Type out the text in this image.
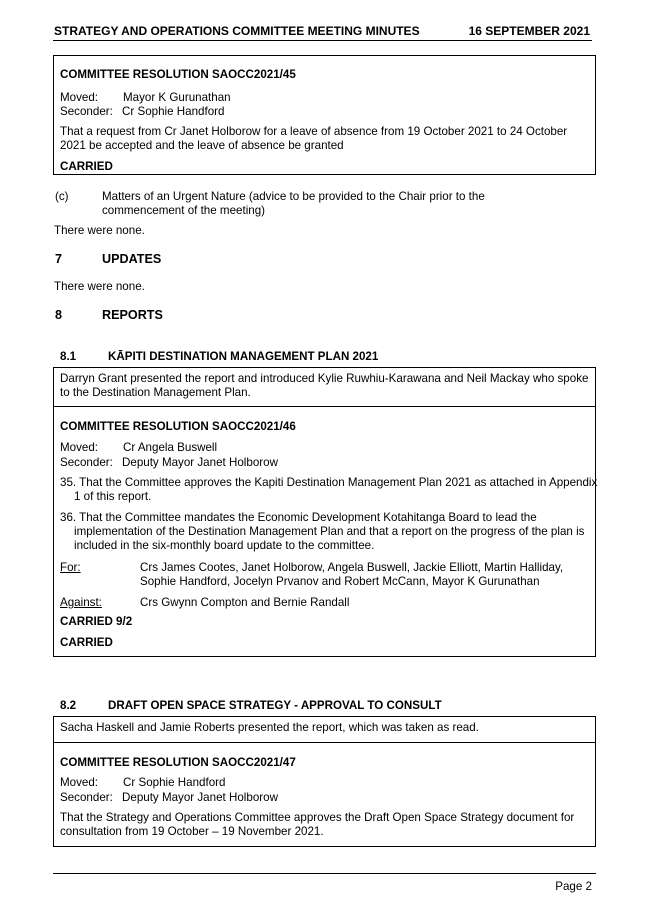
STRATEGY AND OPERATIONS COMMITTEE MEETING MINUTES	16 SEPTEMBER 2021
COMMITTEE RESOLUTION SAOCC2021/45
Moved: Mayor K Gurunathan
Seconder: Cr Sophie Handford
That a request from Cr Janet Holborow for a leave of absence from 19 October 2021 to 24 October 2021 be accepted and the leave of absence be granted
CARRIED
(c)	Matters of an Urgent Nature (advice to be provided to the Chair prior to the commencement of the meeting)
There were none.
7	UPDATES
There were none.
8	REPORTS
8.1	KĀPITI DESTINATION MANAGEMENT PLAN 2021
Darryn Grant presented the report and introduced Kylie Ruwhiu-Karawana and Neil Mackay who spoke to the Destination Management Plan.
COMMITTEE RESOLUTION SAOCC2021/46
Moved: Cr Angela Buswell
Seconder: Deputy Mayor Janet Holborow
35. That the Committee approves the Kapiti Destination Management Plan 2021 as attached in Appendix 1 of this report.
36. That the Committee mandates the Economic Development Kotahitanga Board to lead the implementation of the Destination Management Plan and that a report on the progress of the plan is included in the six-monthly board update to the committee.
For:	Crs James Cootes, Janet Holborow, Angela Buswell, Jackie Elliott, Martin Halliday, Sophie Handford, Jocelyn Prvanov and Robert McCann, Mayor K Gurunathan
Against:	Crs Gwynn Compton and Bernie Randall
CARRIED 9/2
CARRIED
8.2	DRAFT OPEN SPACE STRATEGY - APPROVAL TO CONSULT
Sacha Haskell and Jamie Roberts presented the report, which was taken as read.
COMMITTEE RESOLUTION SAOCC2021/47
Moved: Cr Sophie Handford
Seconder: Deputy Mayor Janet Holborow
That the Strategy and Operations Committee approves the Draft Open Space Strategy document for consultation from 19 October – 19 November 2021.
Page 2
